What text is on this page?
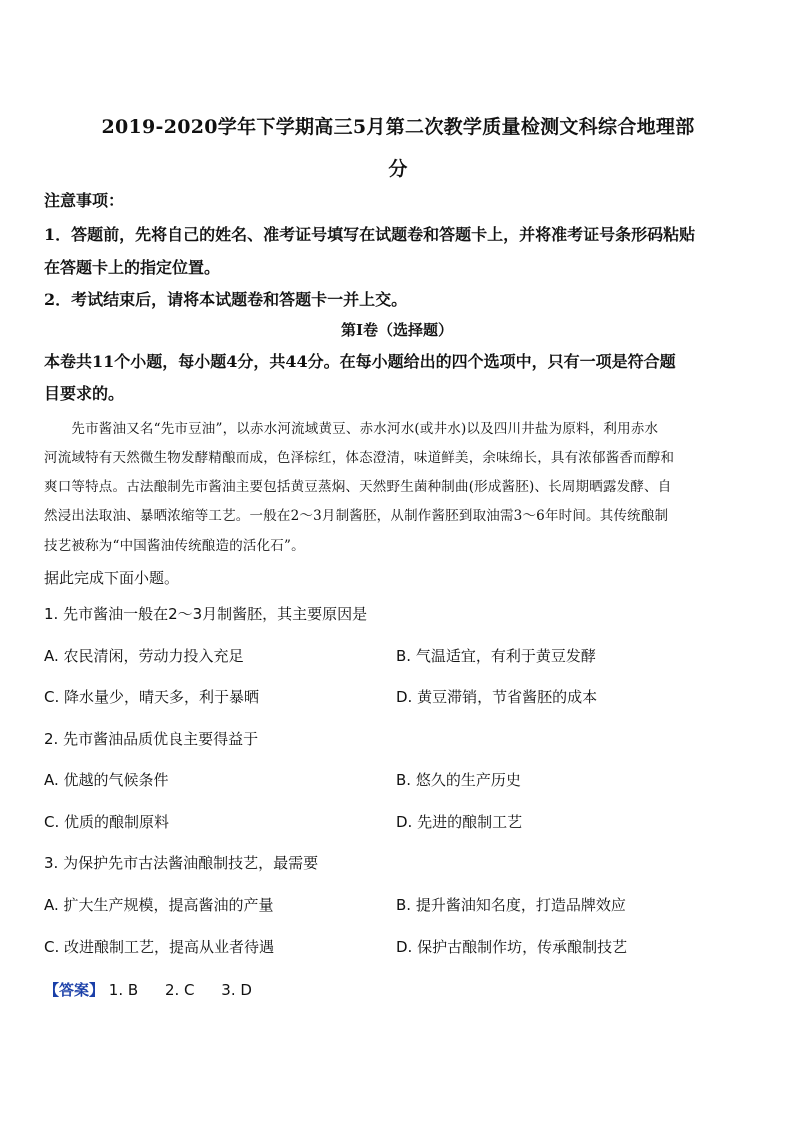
2019-2020学年下学期高三5月第二次教学质量检测文科综合地理部
分
注意事项：
1．答题前，先将自己的姓名、准考证号填写在试题卷和答题卡上，并将准考证号条形码粘贴
在答题卡上的指定位置。
2．考试结束后，请将本试题卷和答题卡一并上交。
第Ⅰ卷（选择题）
本卷共11个小题，每小题4分，共44分。在每小题给出的四个选项中，只有一项是符合题
目要求的。
　　先市酱油又名“先市豆油”，以赤水河流域黄豆、赤水河水(或井水)以及四川井盐为原料，利用赤水
河流域特有天然微生物发酵精酿而成，色泽棕红，体态澄清，味道鲜美，余味绵长，具有浓郁酱香而醇和
爽口等特点。古法酿制先市酱油主要包括黄豆蒸焖、天然野生菌种制曲(形成酱胚)、长周期晒露发酵、自
然浸出法取油、暴晒浓缩等工艺。一般在2～3月制酱胚，从制作酱胚到取油需3～6年时间。其传统酿制
技艺被称为“中国酱油传统酿造的活化石”。
据此完成下面小题。
1. 先市酱油一般在2～3月制酱胚，其主要原因是
A. 农民清闲，劳动力投入充足	B. 气温适宜，有利于黄豆发酵
C. 降水量少，晴天多，利于暴晒	D. 黄豆滞销，节省酱胚的成本
2. 先市酱油品质优良主要得益于
A. 优越的气候条件	B. 悠久的生产历史
C. 优质的酿制原料	D. 先进的酿制工艺
3. 为保护先市古法酱油酿制技艺，最需要
A. 扩大生产规模，提高酱油的产量	B. 提升酱油知名度，打造品牌效应
C. 改进酿制工艺，提高从业者待遇	D. 保护古酿制作坊，传承酿制技艺
【答案】 1. B 2. C 3. D
